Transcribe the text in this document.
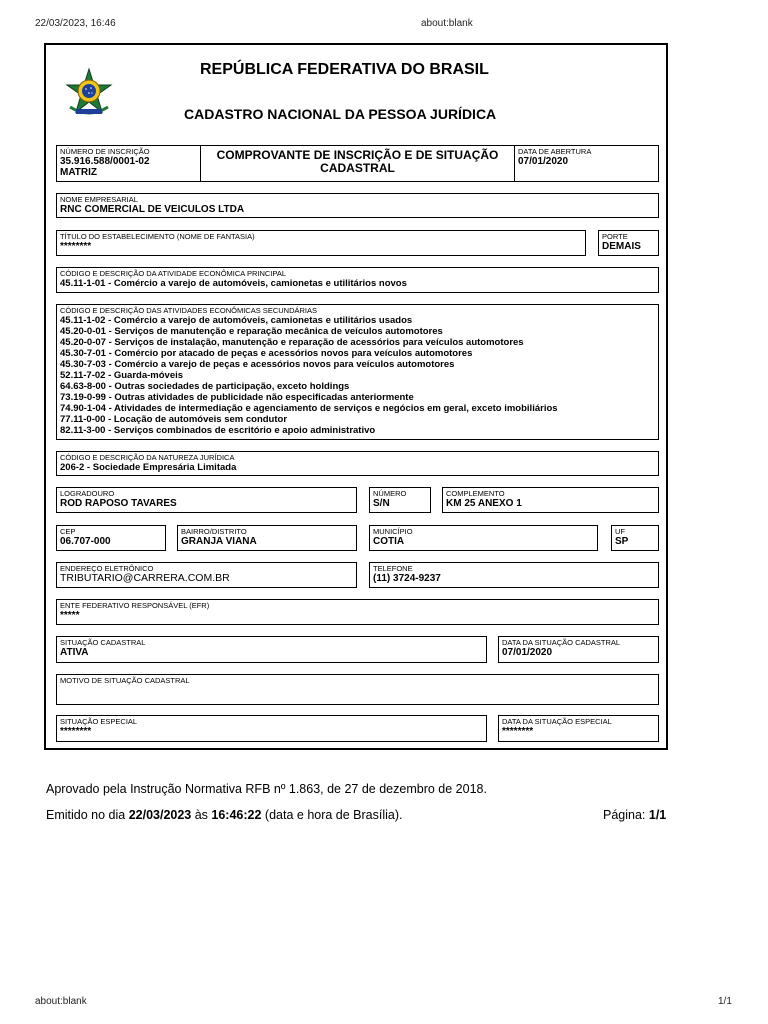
22/03/2023, 16:46	about:blank
REPÚBLICA FEDERATIVA DO BRASIL
CADASTRO NACIONAL DA PESSOA JURÍDICA
NÚMERO DE INSCRIÇÃO
35.916.588/0001-02
MATRIZ
COMPROVANTE DE INSCRIÇÃO E DE SITUAÇÃO
CADASTRAL
DATA DE ABERTURA
07/01/2020
NOME EMPRESARIAL
RNC COMERCIAL DE VEICULOS LTDA
TÍTULO DO ESTABELECIMENTO (NOME DE FANTASIA)
********
PORTE
DEMAIS
CÓDIGO E DESCRIÇÃO DA ATIVIDADE ECONÔMICA PRINCIPAL
45.11-1-01 - Comércio a varejo de automóveis, camionetas e utilitários novos
CÓDIGO E DESCRIÇÃO DAS ATIVIDADES ECONÔMICAS SECUNDÁRIAS
45.11-1-02 - Comércio a varejo de automóveis, camionetas e utilitários usados
45.20-0-01 - Serviços de manutenção e reparação mecânica de veículos automotores
45.20-0-07 - Serviços de instalação, manutenção e reparação de acessórios para veículos automotores
45.30-7-01 - Comércio por atacado de peças e acessórios novos para veículos automotores
45.30-7-03 - Comércio a varejo de peças e acessórios novos para veículos automotores
52.11-7-02 - Guarda-móveis
64.63-8-00 - Outras sociedades de participação, exceto holdings
73.19-0-99 - Outras atividades de publicidade não especificadas anteriormente
74.90-1-04 - Atividades de intermediação e agenciamento de serviços e negócios em geral, exceto imobiliários
77.11-0-00 - Locação de automóveis sem condutor
82.11-3-00 - Serviços combinados de escritório e apoio administrativo
CÓDIGO E DESCRIÇÃO DA NATUREZA JURÍDICA
206-2 - Sociedade Empresária Limitada
LOGRADOURO
ROD RAPOSO TAVARES
NÚMERO
S/N
COMPLEMENTO
KM 25 ANEXO 1
CEP
06.707-000
BAIRRO/DISTRITO
GRANJA VIANA
MUNICÍPIO
COTIA
UF
SP
ENDEREÇO ELETRÔNICO
TRIBUTARIO@CARRERA.COM.BR
TELEFONE
(11) 3724-9237
ENTE FEDERATIVO RESPONSÁVEL (EFR)
*****
SITUAÇÃO CADASTRAL
ATIVA
DATA DA SITUAÇÃO CADASTRAL
07/01/2020
MOTIVO DE SITUAÇÃO CADASTRAL
SITUAÇÃO ESPECIAL
********
DATA DA SITUAÇÃO ESPECIAL
********
Aprovado pela Instrução Normativa RFB nº 1.863, de 27 de dezembro de 2018.
Emitido no dia 22/03/2023 às 16:46:22 (data e hora de Brasília).	Página: 1/1
about:blank	1/1
